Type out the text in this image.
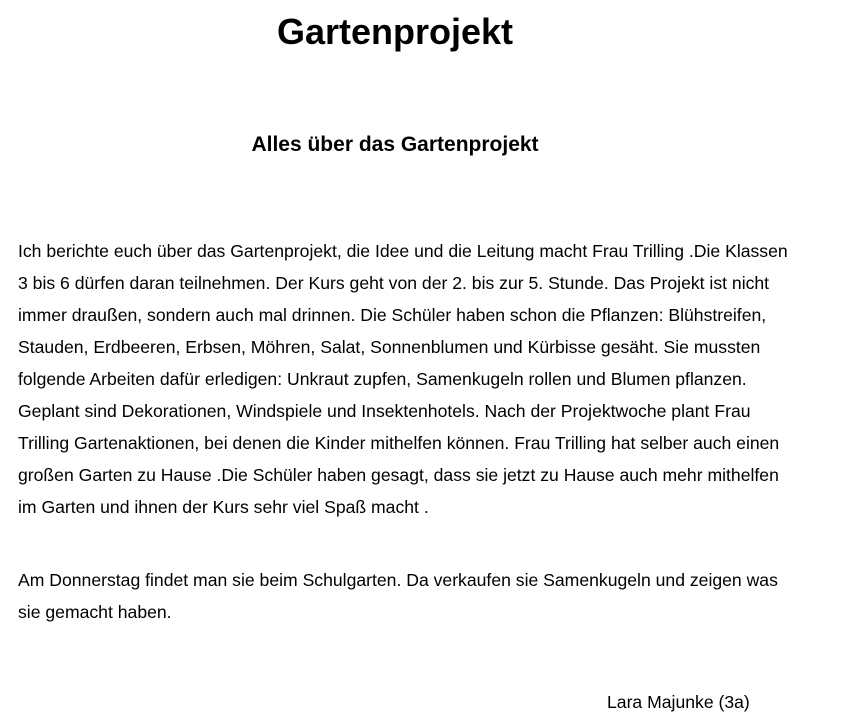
Gartenprojekt
Alles über das Gartenprojekt

Ich berichte euch über das Gartenprojekt, die Idee und die Leitung macht Frau Trilling .Die Klassen 3 bis 6 dürfen daran teilnehmen. Der Kurs geht von der 2. bis zur 5. Stunde. Das Projekt ist nicht immer draußen, sondern auch mal drinnen. Die Schüler haben schon die Pflanzen: Blühstreifen, Stauden, Erdbeeren, Erbsen, Möhren, Salat, Sonnenblumen und Kürbisse gesäht. Sie mussten folgende Arbeiten dafür erledigen: Unkraut zupfen, Samenkugeln rollen und Blumen pflanzen. Geplant sind Dekorationen, Windspiele und Insektenhotels. Nach der Projektwoche plant Frau Trilling Gartenaktionen, bei denen die Kinder mithelfen können. Frau Trilling hat selber auch einen großen Garten zu Hause .Die Schüler haben gesagt, dass sie jetzt zu Hause auch mehr mithelfen im Garten und ihnen der Kurs sehr viel Spaß macht .

Am Donnerstag findet man sie beim Schulgarten. Da verkaufen sie Samenkugeln und zeigen was sie gemacht haben.

Lara Majunke (3a)
